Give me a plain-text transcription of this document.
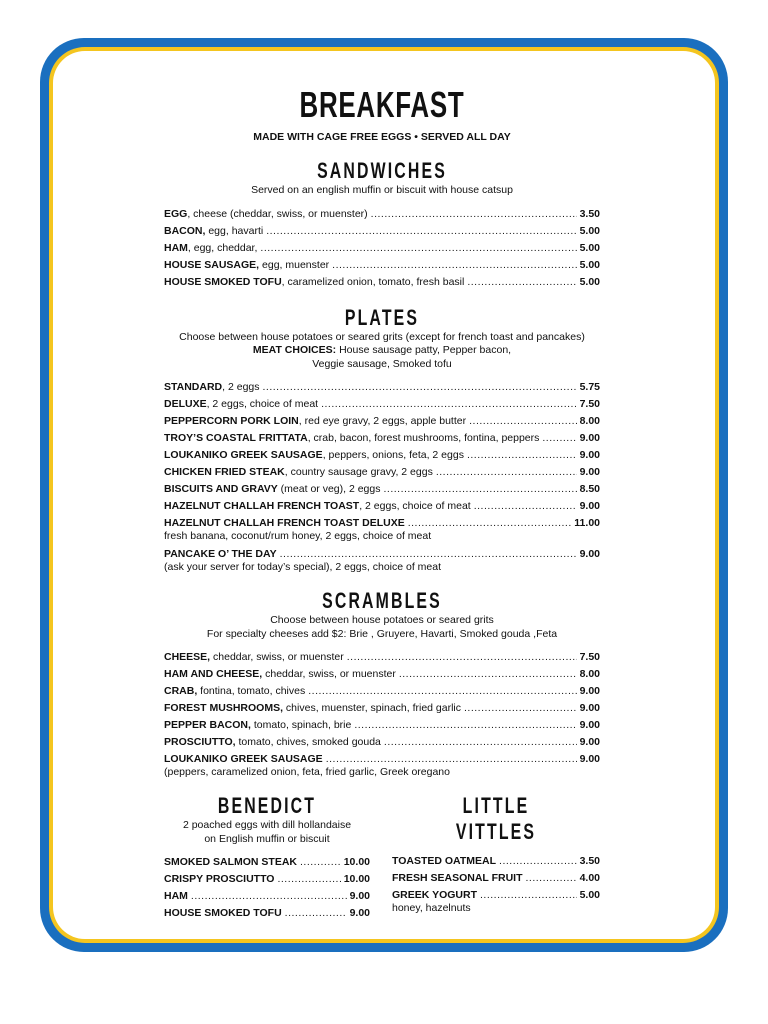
BREAKFAST
MADE WITH CAGE FREE EGGS • SERVED ALL DAY
SANDWICHES
Served on an english muffin or biscuit with house catsup
EGG, cheese (cheddar, swiss, or muenster) .....	3.50
BACON, egg, havarti .....	5.00
HAM, egg, cheddar, .....	5.00
HOUSE SAUSAGE, egg, muenster .....	5.00
HOUSE SMOKED TOFU, caramelized onion, tomato, fresh basil .....	5.00
PLATES
Choose between house potatoes or seared grits (except for french toast and pancakes)
MEAT CHOICES: House sausage patty, Pepper bacon,
Veggie sausage, Smoked tofu
STANDARD, 2 eggs .....	5.75
DELUXE, 2 eggs, choice of meat .....	7.50
PEPPERCORN PORK LOIN, red eye gravy, 2 eggs, apple butter .....	8.00
TROY’S COASTAL FRITTATA, crab, bacon, forest mushrooms, fontina, peppers .....	9.00
LOUKANIKO GREEK SAUSAGE, peppers, onions, feta, 2 eggs .....	9.00
CHICKEN FRIED STEAK, country sausage gravy, 2 eggs .....	9.00
BISCUITS AND GRAVY (meat or veg), 2 eggs .....	8.50
HAZELNUT CHALLAH FRENCH TOAST, 2 eggs, choice of meat .....	9.00
HAZELNUT CHALLAH FRENCH TOAST DELUXE .....	11.00
fresh banana, coconut/rum honey, 2 eggs, choice of meat
PANCAKE O’ THE DAY .....	9.00
(ask your server for today’s special), 2 eggs, choice of meat
SCRAMBLES
Choose between house potatoes or seared grits
For specialty cheeses add $2: Brie , Gruyere, Havarti, Smoked gouda ,Feta
CHEESE, cheddar, swiss, or muenster .....	7.50
HAM AND CHEESE, cheddar, swiss, or muenster .....	8.00
CRAB, fontina, tomato, chives .....	9.00
FOREST MUSHROOMS, chives, muenster, spinach, fried garlic .....	9.00
PEPPER BACON, tomato, spinach, brie .....	9.00
PROSCIUTTO, tomato, chives, smoked gouda .....	9.00
LOUKANIKO GREEK SAUSAGE .....	9.00
(peppers, caramelized onion, feta, fried garlic, Greek oregano
BENEDICT
2 poached eggs with dill hollandaise
on English muffin or biscuit
SMOKED SALMON STEAK .....	10.00
CRISPY PROSCIUTTO .....	10.00
HAM .....	9.00
HOUSE SMOKED TOFU .....	9.00
LITTLE VITTLES
TOASTED OATMEAL .....	3.50
FRESH SEASONAL FRUIT .....	4.00
GREEK YOGURT .....	5.00
honey, hazelnuts
